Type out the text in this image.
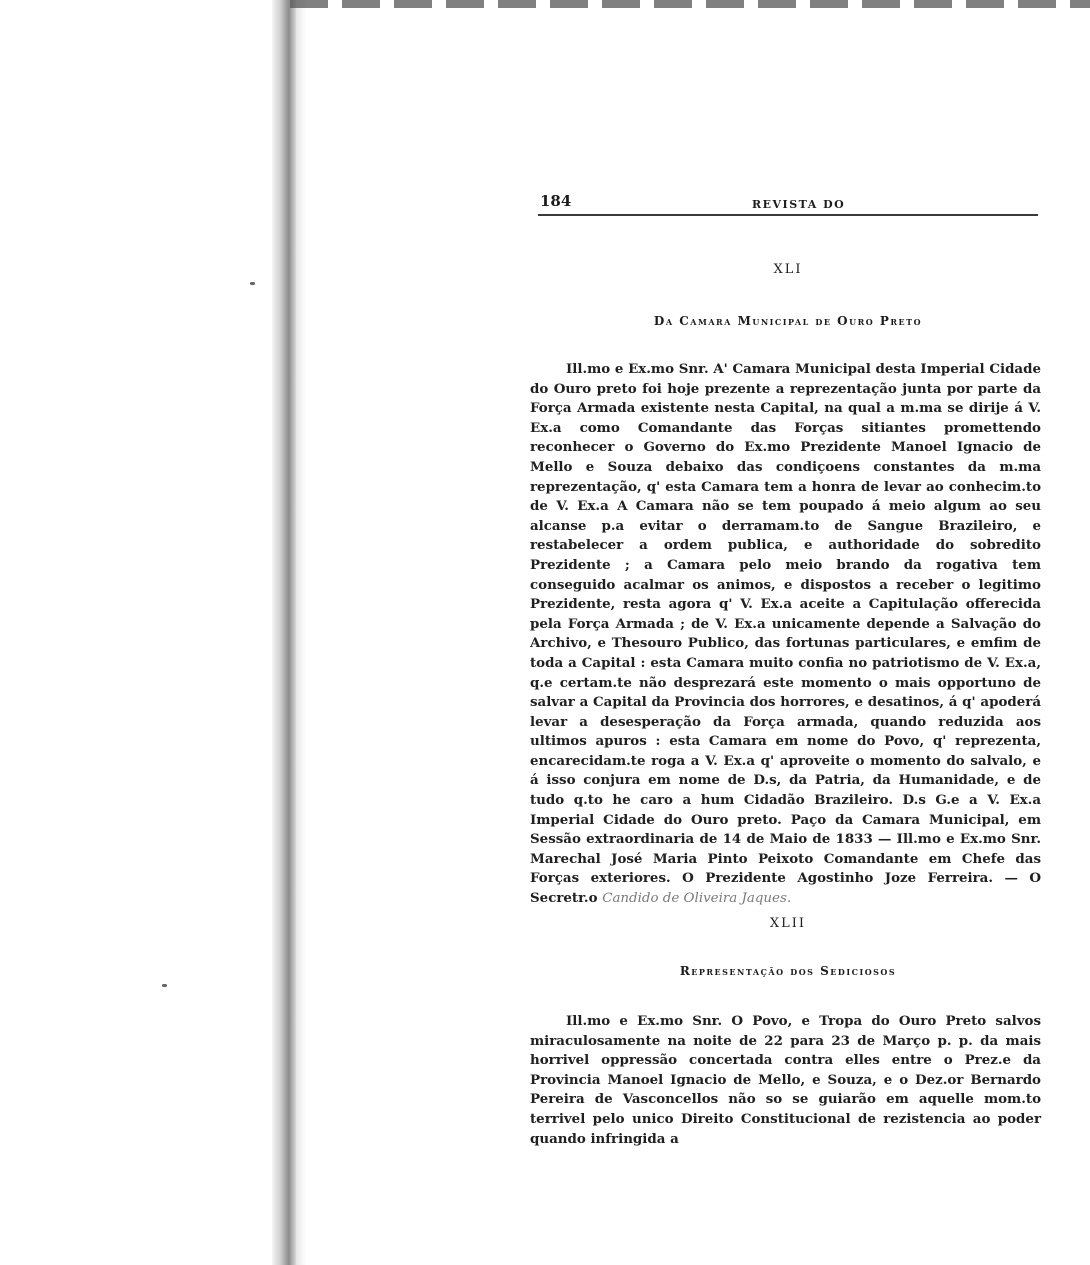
184	REVISTA DO
XLI
Da Camara Municipal de Ouro Preto

Ill.mo e Ex.mo Snr. A' Camara Municipal desta Imperial Cidade do Ouro preto foi hoje prezente a reprezentação junta por parte da Força Armada existente nesta Capital, na qual a m.ma se dirije á V. Ex.a como Comandante das Forças sitiantes promettendo reconhecer o Governo do Ex.mo Prezidente Manoel Ignacio de Mello e Souza debaixo das condiçoens constantes da m.ma reprezentação, q' esta Camara tem a honra de levar ao conhecim.to de V. Ex.a A Camara não se tem poupado á meio algum ao seu alcanse p.a evitar o derramam.to de Sangue Brazileiro, e restabelecer a ordem publica, e authoridade do sobredito Prezidente ; a Camara pelo meio brando da rogativa tem conseguido acalmar os animos, e dispostos a receber o legitimo Prezidente, resta agora q' V. Ex.a aceite a Capitulação offerecida pela Força Armada ; de V. Ex.a unicamente depende a Salvação do Archivo, e Thesouro Publico, das fortunas particulares, e emfim de toda a Capital : esta Camara muito confia no patriotismo de V. Ex.a, q.e certam.te não desprezará este momento o mais opportuno de salvar a Capital da Provincia dos horrores, e desatinos, á q' apoderá levar a desesperação da Força armada, quando reduzida aos ultimos apuros : esta Camara em nome do Povo, q' reprezenta, encarecidam.te roga a V. Ex.a q' aproveite o momento do salvalo, e á isso conjura em nome de D.s, da Patria, da Humanidade, e de tudo q.to he caro a hum Cidadão Brazileiro. D.s G.e a V. Ex.a Imperial Cidade do Ouro preto. Paço da Camara Municipal, em Sessão extraordinaria de 14 de Maio de 1833 — Ill.mo e Ex.mo Snr. Marechal José Maria Pinto Peixoto Comandante em Chefe das Forças exteriores. O Prezidente Agostinho Joze Ferreira. — O Secretr.o Candido de Oliveira Jaques.

XLII
Representação dos Sediciosos

Ill.mo e Ex.mo Snr. O Povo, e Tropa do Ouro Preto salvos miraculosamente na noite de 22 para 23 de Março p. p. da mais horrivel oppressão concertada contra elles entre o Prez.e da Provincia Manoel Ignacio de Mello, e Souza, e o Dez.or Bernardo Pereira de Vasconcellos não so se guiarão em aquelle mom.to terrivel pelo unico Direito Constitucional de rezistencia ao poder quando infringida a
